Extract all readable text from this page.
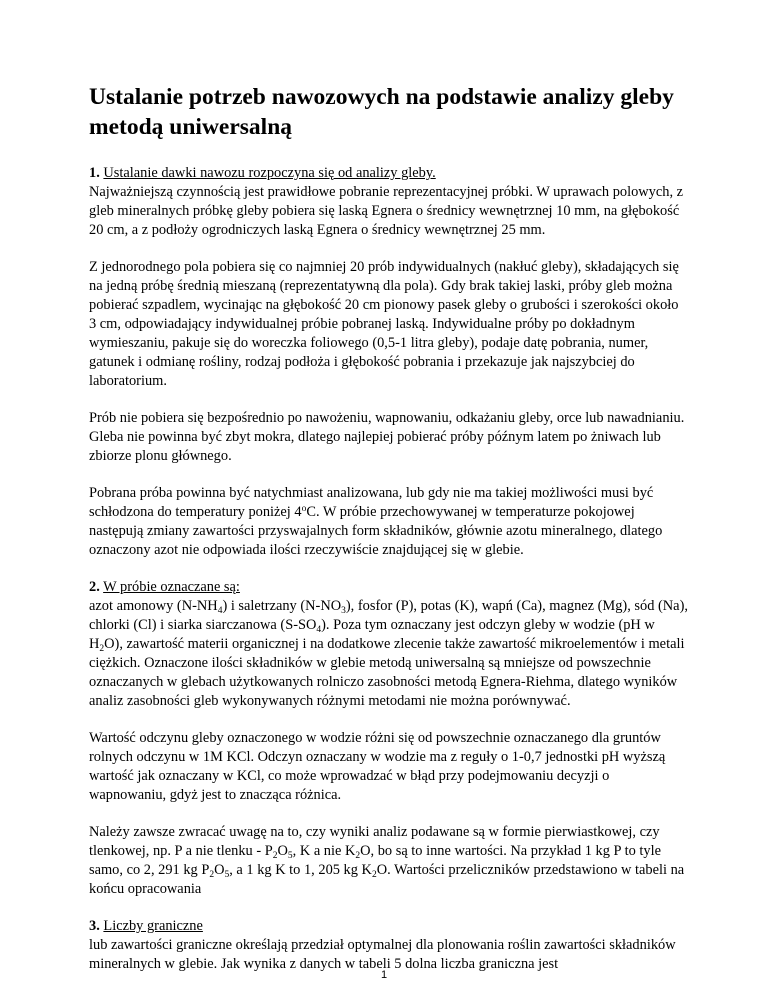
Ustalanie potrzeb nawozowych na podstawie analizy gleby metodą uniwersalną

1. Ustalanie dawki nawozu rozpoczyna się od analizy gleby.
Najważniejszą czynnością jest prawidłowe pobranie reprezentacyjnej próbki. W uprawach polowych, z gleb mineralnych próbkę gleby pobiera się laską Egnera o średnicy wewnętrznej 10 mm, na głębokość 20 cm, a z podłoży ogrodniczych laską Egnera o średnicy wewnętrznej 25 mm.

Z jednorodnego pola pobiera się co najmniej 20 prób indywidualnych (nakłuć gleby), składających się na jedną próbę średnią mieszaną (reprezentatywną dla pola). Gdy brak takiej laski, próby gleb można pobierać szpadlem, wycinając na głębokość 20 cm pionowy pasek gleby o grubości i szerokości około 3 cm, odpowiadający indywidualnej próbie pobranej laską. Indywidualne próby po dokładnym wymieszaniu, pakuje się do woreczka foliowego (0,5-1 litra gleby), podaje datę pobrania, numer, gatunek i odmianę rośliny, rodzaj podłoża i głębokość pobrania i przekazuje jak najszybciej do laboratorium.

Prób nie pobiera się bezpośrednio po nawożeniu, wapnowaniu, odkażaniu gleby, orce lub nawadnianiu. Gleba nie powinna być zbyt mokra, dlatego najlepiej pobierać próby późnym latem po żniwach lub zbiorze plonu głównego.

Pobrana próba powinna być natychmiast analizowana, lub gdy nie ma takiej możliwości musi być schłodzona do temperatury poniżej 4$^o$C. W próbie przechowywanej w temperaturze pokojowej następują zmiany zawartości przyswajalnych form składników, głównie azotu mineralnego, dlatego oznaczony azot nie odpowiada ilości rzeczywiście znajdującej się w glebie.

2. W próbie oznaczane są:
azot amonowy $(N-NH_4)$ i saletrzany $(N-NO_3)$, fosfor (P), potas (K), wapń (Ca), magnez (Mg), sód (Na), chlorki (Cl) i siarka siarczanowa $(S-SO_4)$. Poza tym oznaczany jest odczyn gleby w wodzie (pH w $H_2O$), zawartość materii organicznej i na dodatkowe zlecenie także zawartość mikroelementów i metali ciężkich. Oznaczone ilości składników w glebie metodą uniwersalną są mniejsze od powszechnie oznaczanych w glebach użytkowanych rolniczo zasobności metodą Egnera-Riehma, dlatego wyników analiz zasobności gleb wykonywanych różnymi metodami nie można porównywać.

Wartość odczynu gleby oznaczonego w wodzie różni się od powszechnie oznaczanego dla gruntów rolnych odczynu w 1M KCl. Odczyn oznaczany w wodzie ma z reguły o 1-0,7 jednostki pH wyższą wartość jak oznaczany w KCl, co może wprowadzać w błąd przy podejmowaniu decyzji o wapnowaniu, gdyż jest to znacząca różnica.

Należy zawsze zwracać uwagę na to, czy wyniki analiz podawane są w formie pierwiastkowej, czy tlenkowej, np. P a nie tlenku - $P_2O_5$, K a nie $K_2O$, bo są to inne wartości. Na przykład 1 kg P to tyle samo, co 2, 291 kg $P_2O_5$, a 1 kg K to 1, 205 kg $K_2O$. Wartości przeliczników przedstawiono w tabeli na końcu opracowania

3. Liczby graniczne
lub zawartości graniczne określają przedział optymalnej dla plonowania roślin zawartości składników mineralnych w glebie. Jak wynika z danych w tabeli 5 dolna liczba graniczna jest

1
